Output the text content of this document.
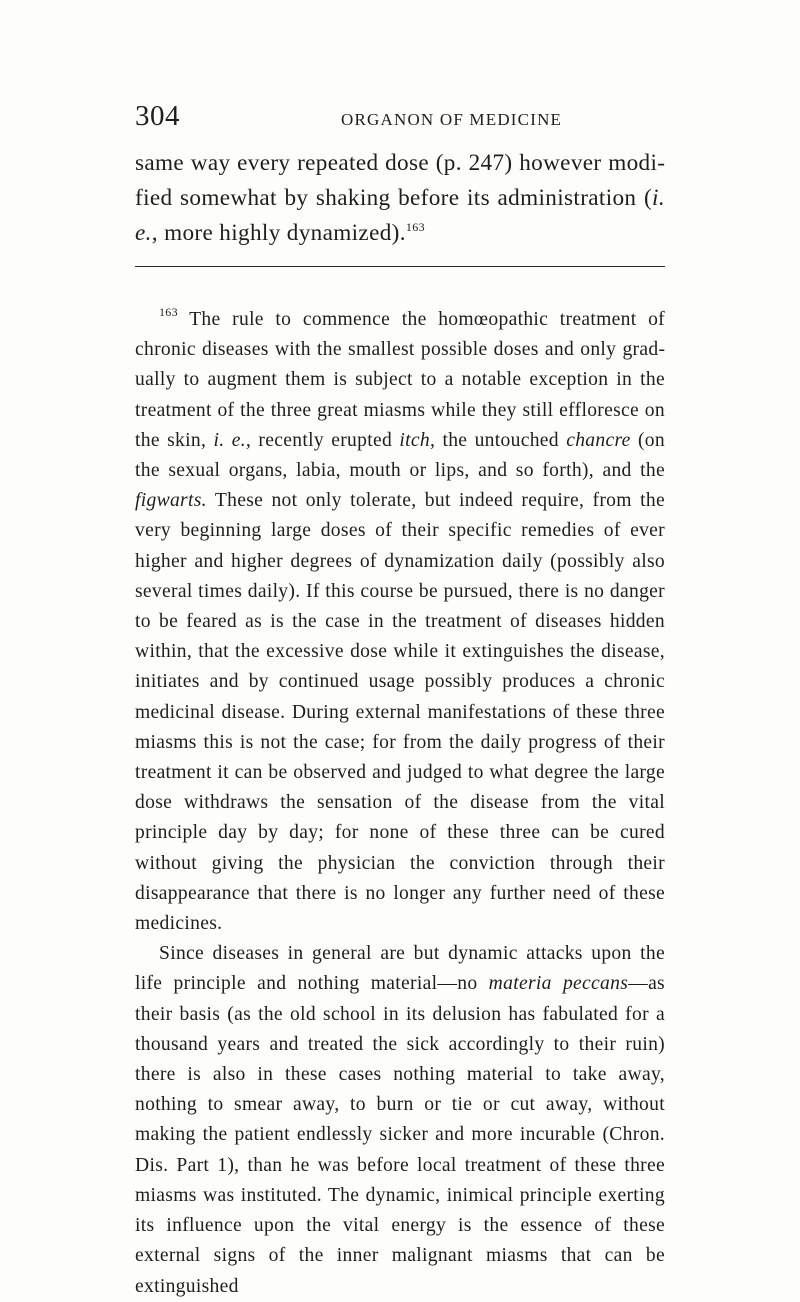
304	ORGANON OF MEDICINE

same way every repeated dose (p. 247) however modified somewhat by shaking before its administration (i. e., more highly dynamized).$^{163}$

$^{163}$ The rule to commence the homœopathic treatment of chronic diseases with the smallest possible doses and only gradually to augment them is subject to a notable exception in the treatment of the three great miasms while they still effloresce on the skin, i. e., recently erupted itch, the untouched chancre (on the sexual organs, labia, mouth or lips, and so forth), and the figwarts. These not only tolerate, but indeed require, from the very beginning large doses of their specific remedies of ever higher and higher degrees of dynamization daily (possibly also several times daily). If this course be pursued, there is no danger to be feared as is the case in the treatment of diseases hidden within, that the excessive dose while it extinguishes the disease, initiates and by continued usage possibly produces a chronic medicinal disease. During external manifestations of these three miasms this is not the case; for from the daily progress of their treatment it can be observed and judged to what degree the large dose withdraws the sensation of the disease from the vital principle day by day; for none of these three can be cured without giving the physician the conviction through their disappearance that there is no longer any further need of these medicines.

Since diseases in general are but dynamic attacks upon the life principle and nothing material—no materia peccans—as their basis (as the old school in its delusion has fabulated for a thousand years and treated the sick accordingly to their ruin) there is also in these cases nothing material to take away, nothing to smear away, to burn or tie or cut away, without making the patient endlessly sicker and more incurable (Chron. Dis. Part 1), than he was before local treatment of these three miasms was instituted. The dynamic, inimical principle exerting its influence upon the vital energy is the essence of these external signs of the inner malignant miasms that can be extinguished
